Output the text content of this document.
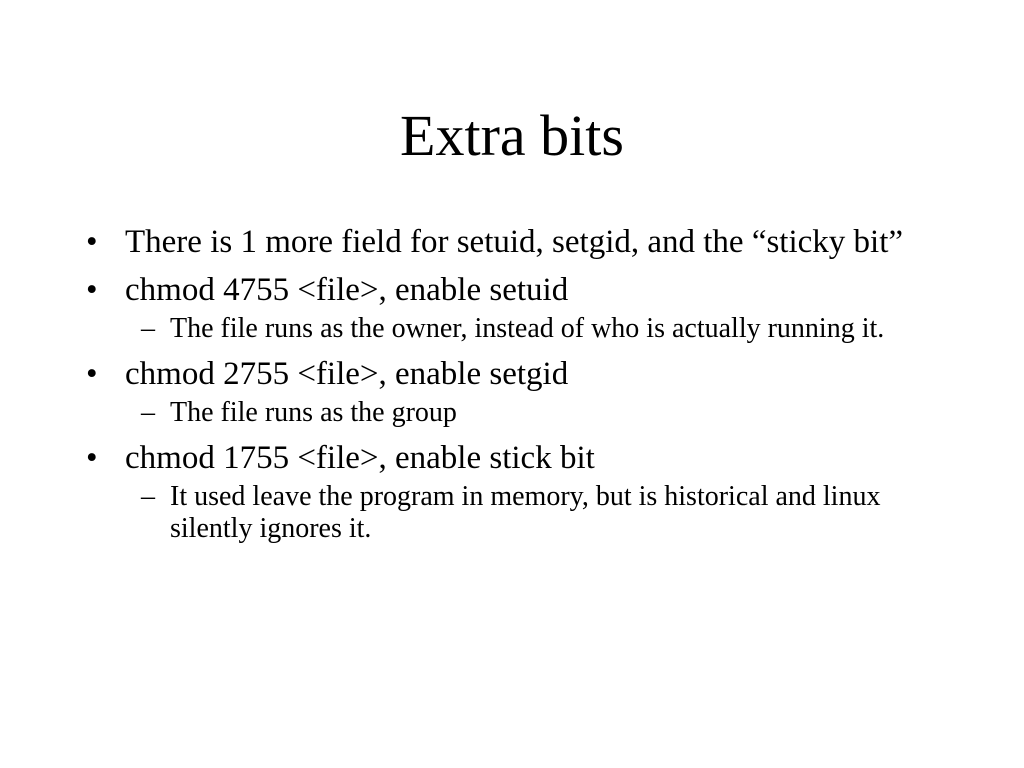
Extra bits
• There is 1 more field for setuid, setgid, and the “sticky bit”
• chmod 4755 <file>, enable setuid
– The file runs as the owner, instead of who is actually running it.
• chmod 2755 <file>, enable setgid
– The file runs as the group
• chmod 1755 <file>, enable stick bit
– It used leave the program in memory, but is historical and linux silently ignores it.
